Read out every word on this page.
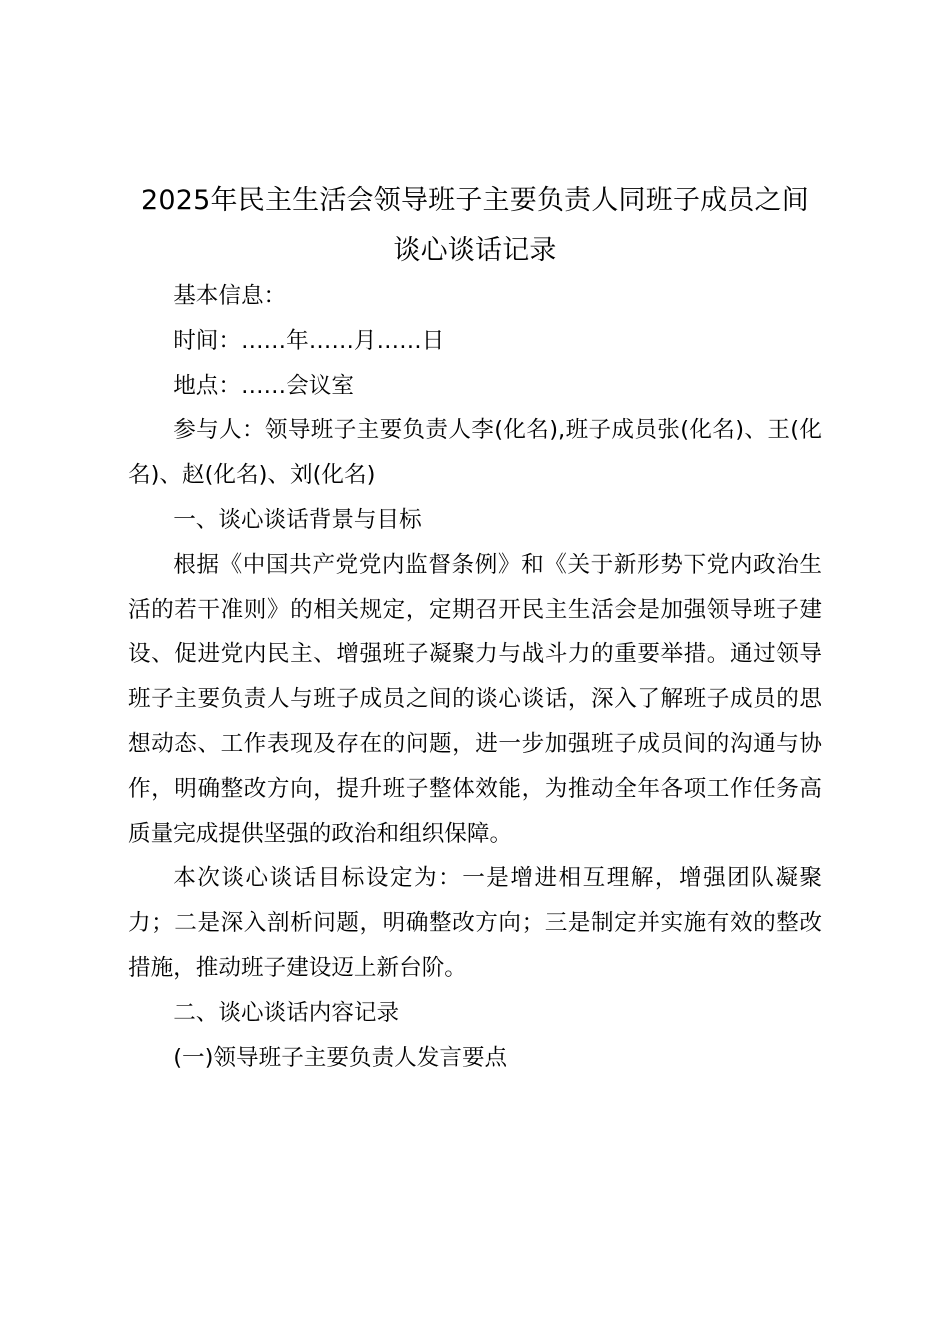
2025年民主生活会领导班子主要负责人同班子成员之间谈心谈话记录

基本信息：

时间：……年……月……日

地点：……会议室

参与人：领导班子主要负责人李(化名),班子成员张(化名)、王(化名)、赵(化名)、刘(化名)

一、谈心谈话背景与目标

根据《中国共产党党内监督条例》和《关于新形势下党内政治生活的若干准则》的相关规定，定期召开民主生活会是加强领导班子建设、促进党内民主、增强班子凝聚力与战斗力的重要举措。通过领导班子主要负责人与班子成员之间的谈心谈话，深入了解班子成员的思想动态、工作表现及存在的问题，进一步加强班子成员间的沟通与协作，明确整改方向，提升班子整体效能，为推动全年各项工作任务高质量完成提供坚强的政治和组织保障。

本次谈心谈话目标设定为：一是增进相互理解，增强团队凝聚力；二是深入剖析问题，明确整改方向；三是制定并实施有效的整改措施，推动班子建设迈上新台阶。

二、谈心谈话内容记录

(一)领导班子主要负责人发言要点
